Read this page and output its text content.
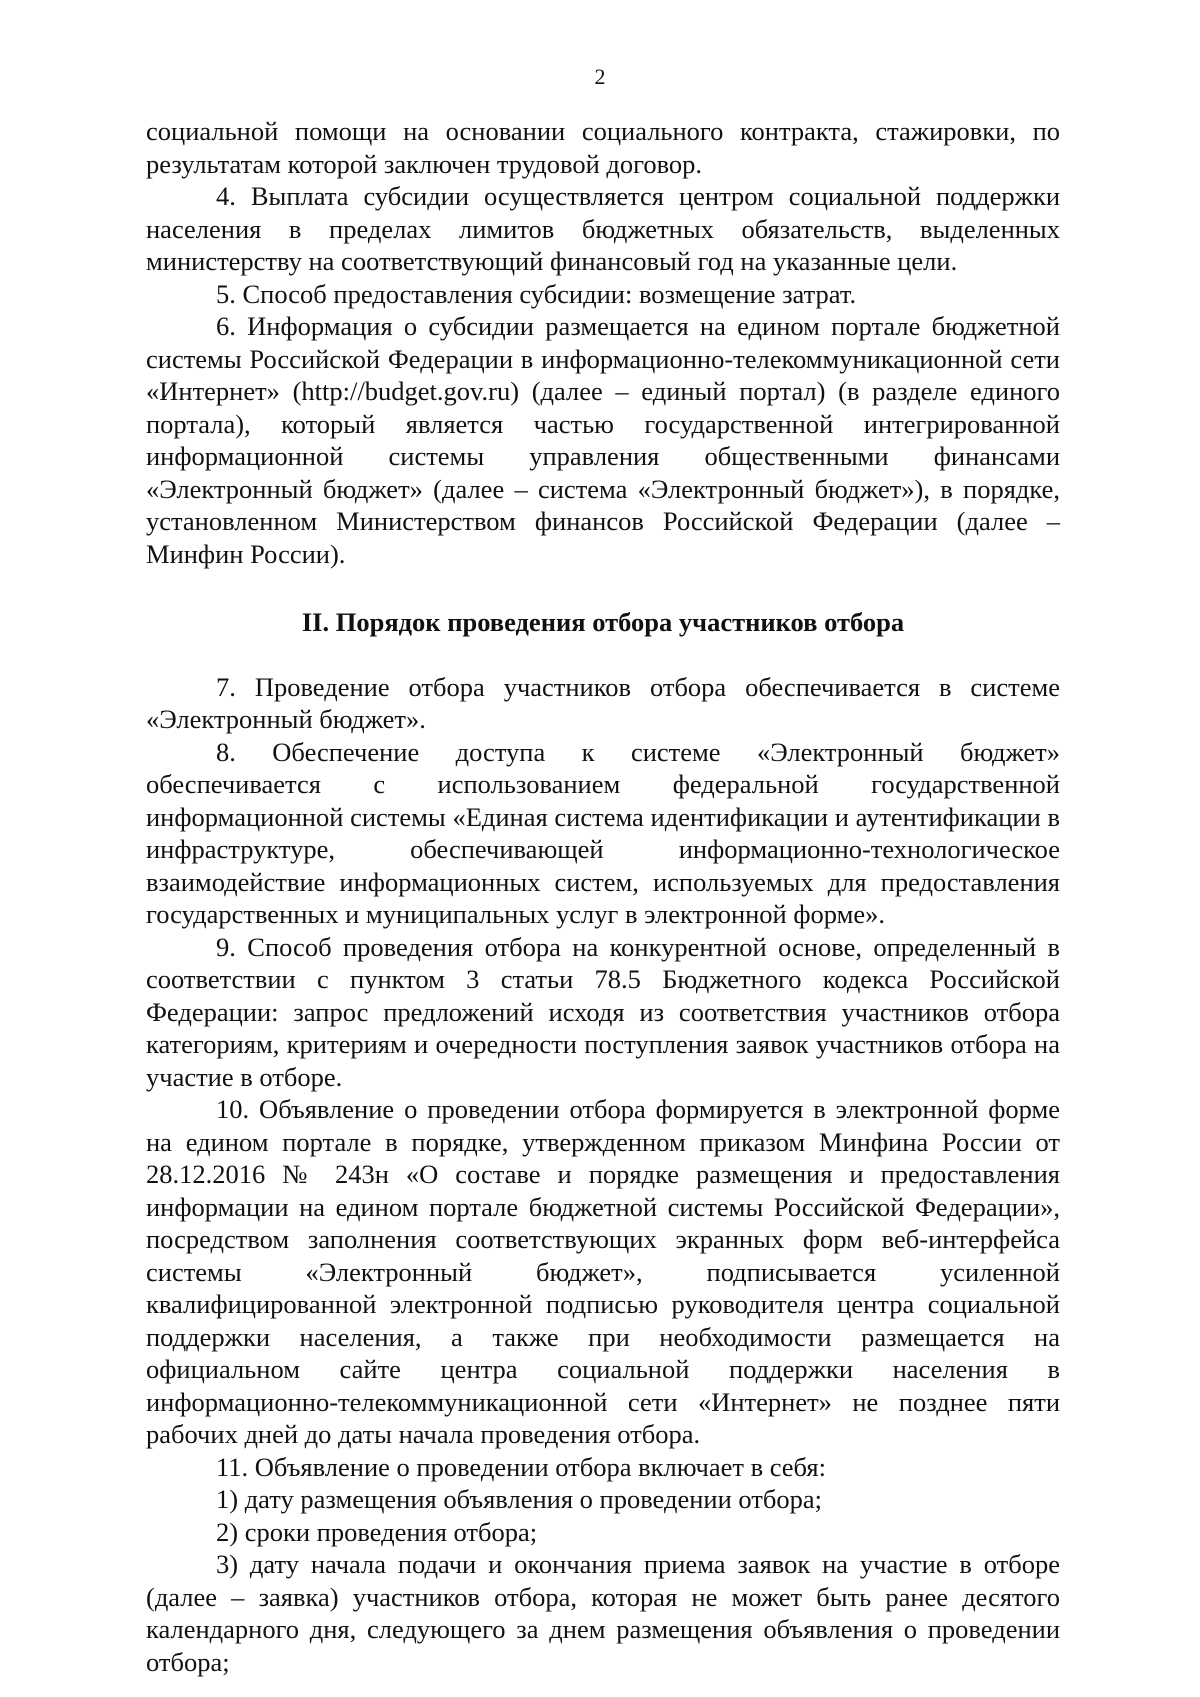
2

социальной помощи на основании социального контракта, стажировки, по результатам которой заключен трудовой договор.

4. Выплата субсидии осуществляется центром социальной поддержки населения в пределах лимитов бюджетных обязательств, выделенных министерству на соответствующий финансовый год на указанные цели.

5. Способ предоставления субсидии: возмещение затрат.

6. Информация о субсидии размещается на едином портале бюджетной системы Российской Федерации в информационно-телекоммуникационной сети «Интернет» (http://budget.gov.ru) (далее – единый портал) (в разделе единого портала), который является частью государственной интегрированной информационной системы управления общественными финансами «Электронный бюджет» (далее – система «Электронный бюджет»), в порядке, установленном Министерством финансов Российской Федерации (далее – Минфин России).

II. Порядок проведения отбора участников отбора

7. Проведение отбора участников отбора обеспечивается в системе «Электронный бюджет».

8. Обеспечение доступа к системе «Электронный бюджет» обеспечивается с использованием федеральной государственной информационной системы «Единая система идентификации и аутентификации в инфраструктуре, обеспечивающей информационно-технологическое взаимодействие информационных систем, используемых для предоставления государственных и муниципальных услуг в электронной форме».

9. Способ проведения отбора на конкурентной основе, определенный в соответствии с пунктом 3 статьи 78.5 Бюджетного кодекса Российской Федерации: запрос предложений исходя из соответствия участников отбора категориям, критериям и очередности поступления заявок участников отбора на участие в отборе.

10. Объявление о проведении отбора формируется в электронной форме на едином портале в порядке, утвержденном приказом Минфина России от 28.12.2016 № 243н «О составе и порядке размещения и предоставления информации на едином портале бюджетной системы Российской Федерации», посредством заполнения соответствующих экранных форм веб-интерфейса системы «Электронный бюджет», подписывается усиленной квалифицированной электронной подписью руководителя центра социальной поддержки населения, а также при необходимости размещается на официальном сайте центра социальной поддержки населения в информационно-телекоммуникационной сети «Интернет» не позднее пяти рабочих дней до даты начала проведения отбора.

11. Объявление о проведении отбора включает в себя:

1) дату размещения объявления о проведении отбора;

2) сроки проведения отбора;

3) дату начала подачи и окончания приема заявок на участие в отборе (далее – заявка) участников отбора, которая не может быть ранее десятого календарного дня, следующего за днем размещения объявления о проведении отбора;
